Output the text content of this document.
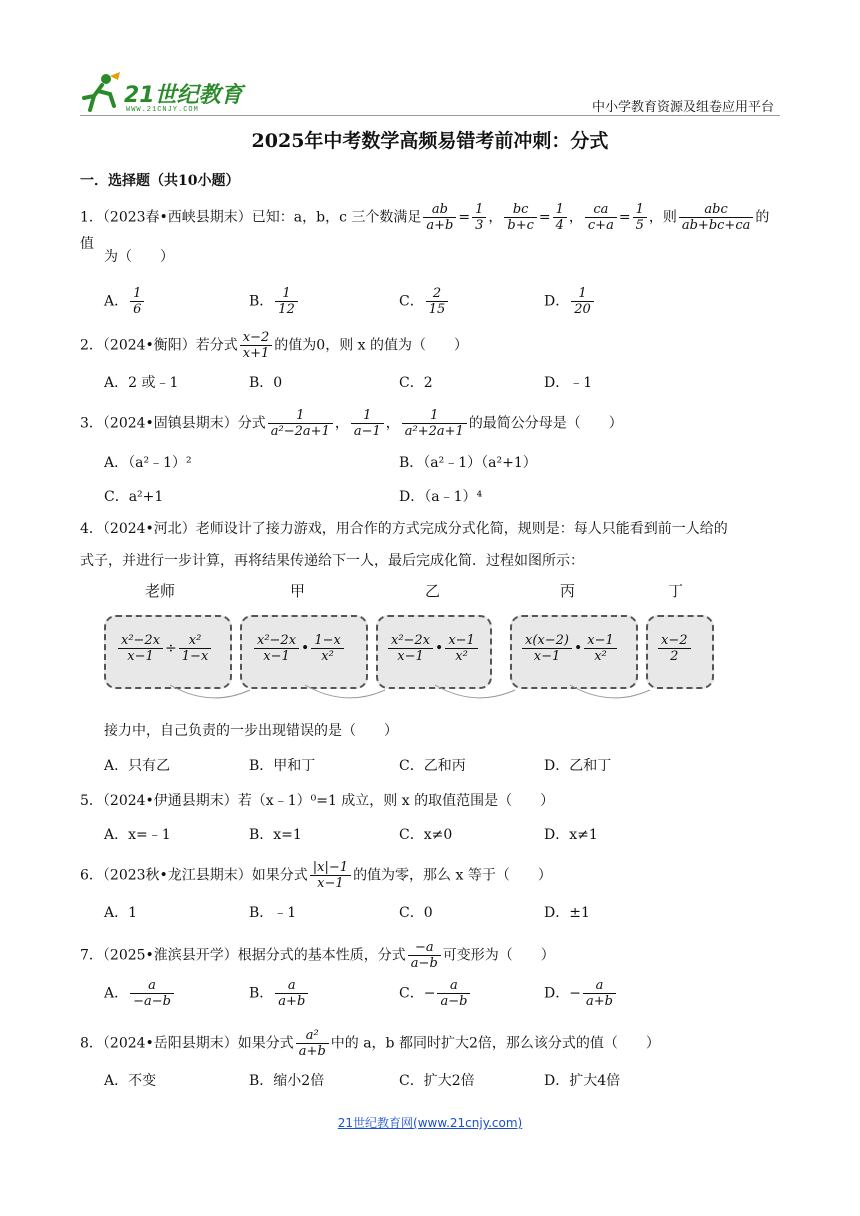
21世纪教育
WWW.21CNJY.COM	中小学教育资源及组卷应用平台
2025年中考数学高频易错考前冲刺：分式
一．选择题（共10小题）
1．（2023春•西峡县期末）已知：a，b，c 三个数满足 $\frac{ab}{a+b} = \frac{1}{3}$ ， $\frac{bc}{b+c} = \frac{1}{4}$ ， $\frac{ca}{c+a} = \frac{1}{5}$ ，则 $\frac{\text{abc}}{ab+bc+ca}$ 的值
为（　　）
A． $\frac{1}{6}$	B． $\frac{1}{12}$	C． $\frac{2}{15}$	D． $\frac{1}{20}$
2．（2024•衡阳）若分式 $\frac{x-2}{x+1}$ 的值为0，则 x 的值为（　　）
A．2 或﹣1	B．0	C．2	D．﹣1
3．（2024•固镇县期末）分式 $\frac{1}{\text{a²−2a+1}}$ ， $\frac{1}{a-1}$ ， $\frac{1}{\text{a²+2a+1}}$ 的最简公分母是（　　）
A．（a²﹣1）²	B．（a²﹣1）（a²+1）
C．a²+1	D．（a﹣1）⁴
4．（2024•河北）老师设计了接力游戏，用合作的方式完成分式化简，规则是：每人只能看到前一人给的
式子，并进行一步计算，再将结果传递给下一人，最后完成化简．过程如图所示：
老师	甲	乙	丙	丁
$\frac{\text{x²−2x}}{x-1} \div \frac{\text{x²}}{1-x}$	$\frac{\text{x²−2x}}{x-1}$ • $\frac{1-x}{\text{x²}}$	$\frac{\text{x²−2x}}{x-1}$ • $\frac{x-1}{\text{x²}}$	$\frac{x(x-2)}{x-1}$ • $\frac{x-1}{\text{x²}}$	$\frac{x-2}{2}$
接力中，自己负责的一步出现错误的是（　　）
A．只有乙	B．甲和丁	C．乙和丙	D．乙和丁
5．（2024•伊通县期末）若（x﹣1）⁰=1 成立，则 x 的取值范围是（　　）
A．x=﹣1	B．x=1	C．x≠0	D．x≠1
6．（2023秋•龙江县期末）如果分式 $\frac{|x|-1}{x-1}$ 的值为零，那么 x 等于（　　）
A．1	B．﹣1	C．0	D．±1
7．（2025•淮滨县开学）根据分式的基本性质，分式 $\frac{-a}{a-b}$ 可变形为（　　）
A． $\frac{a}{-a-b}$	B． $\frac{a}{a+b}$	C．− $\frac{a}{a-b}$	D．− $\frac{a}{a+b}$
8．（2024•岳阳县期末）如果分式 $\frac{\text{a²}}{a+b}$ 中的 a，b 都同时扩大2倍，那么该分式的值（　　）
A．不变	B．缩小2倍	C．扩大2倍	D．扩大4倍
21世纪教育网(www.21cnjy.com)
